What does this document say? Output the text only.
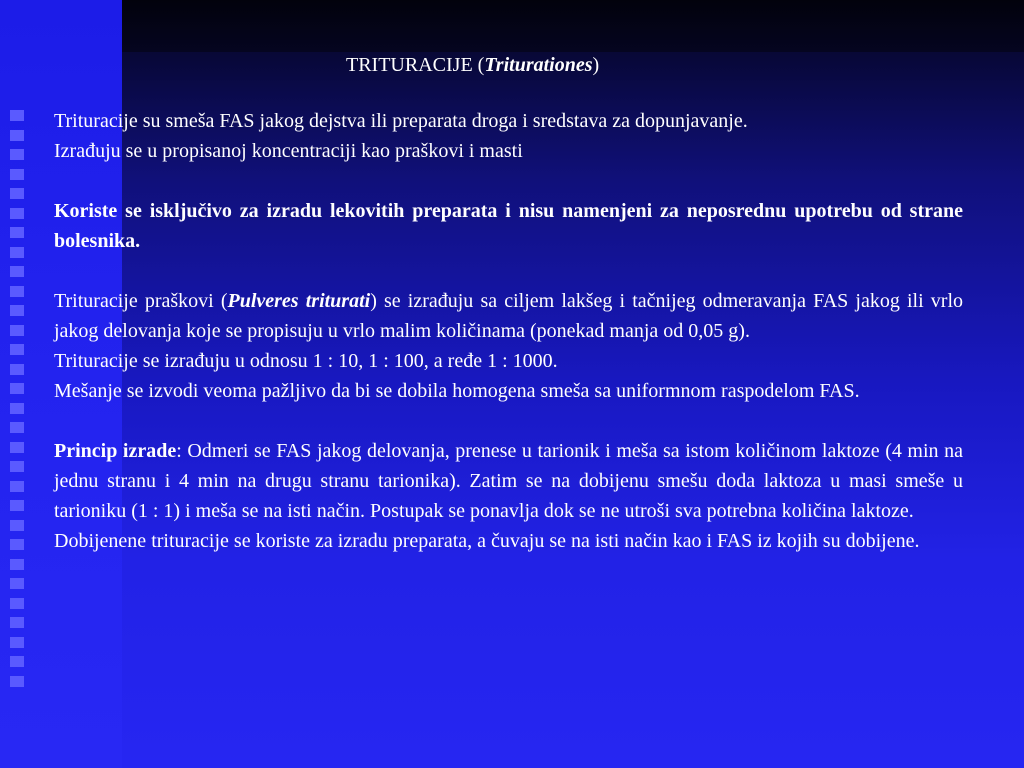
TRITURACIJE (Triturationes)

Trituracije su smeša FAS jakog dejstva ili preparata droga i sredstava za dopunjavanje.

Izrađuju se u propisanoj koncentraciji kao praškovi i masti

Koriste se isključivo za izradu lekovitih preparata i nisu namenjeni za neposrednu upotrebu od strane bolesnika.

Trituracije praškovi (Pulveres triturati) se izrađuju sa ciljem lakšeg i tačnijeg odmeravanja FAS jakog ili vrlo jakog delovanja koje se propisuju u vrlo malim količinama (ponekad manja od 0,05 g).

Trituracije se izrađuju u odnosu 1 : 10, 1 : 100, a ređe 1 : 1000.

Mešanje se izvodi veoma pažljivo da bi se dobila homogena smeša sa uniformnom raspodelom FAS.

Princip izrade: Odmeri se FAS jakog delovanja, prenese u tarionik i meša sa istom količinom laktoze (4 min na jednu stranu i 4 min na drugu stranu tarionika). Zatim se na dobijenu smešu doda laktoza u masi smeše u tarioniku (1 : 1) i meša se na isti način. Postupak se ponavlja dok se ne utroši sva potrebna količina laktoze.

Dobijenene trituracije se koriste za izradu preparata, a čuvaju se na isti način kao i FAS iz kojih su dobijene.
